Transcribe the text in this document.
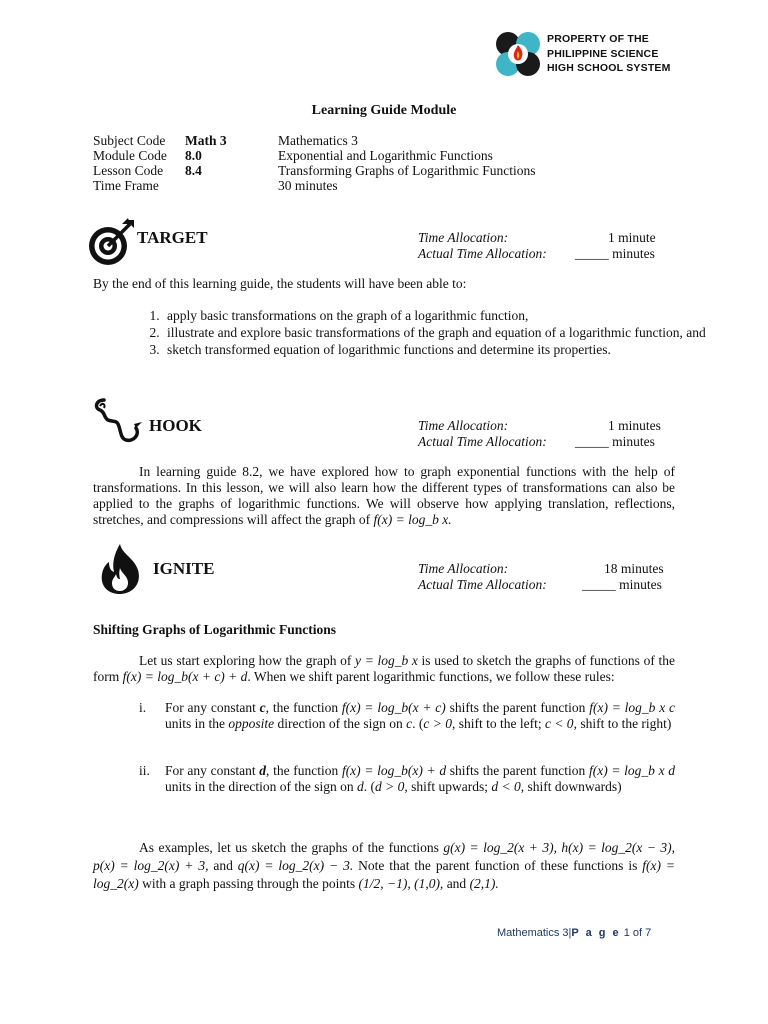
PROPERTY OF THE
PHILIPPINE SCIENCE
HIGH SCHOOL SYSTEM
Learning Guide Module
Subject Code	Math 3	Mathematics 3
Module Code	8.0	Exponential and Logarithmic Functions
Lesson Code	8.4	Transforming Graphs of Logarithmic Functions
Time Frame		30 minutes
TARGET	Time Allocation:	1 minute
Actual Time Allocation: _____ minutes

By the end of this learning guide, the students will have been able to:

1. apply basic transformations on the graph of a logarithmic function,
2. illustrate and explore basic transformations of the graph and equation of a logarithmic function, and
3. sketch transformed equation of logarithmic functions and determine its properties.
HOOK	Time Allocation:	1 minutes
Actual Time Allocation: _____ minutes

In learning guide 8.2, we have explored how to graph exponential functions with the help of transformations. In this lesson, we will also learn how the different types of transformations can also be applied to the graphs of logarithmic functions. We will observe how applying translation, reflections, stretches, and compressions will affect the graph of f(x) = log_b x.

IGNITE	Time Allocation:	18 minutes
Actual Time Allocation:	_____ minutes
Shifting Graphs of Logarithmic Functions

Let us start exploring how the graph of y = log_b x is used to sketch the graphs of functions of the form f(x) = log_b(x + c) + d. When we shift parent logarithmic functions, we follow these rules:

i. For any constant c, the function f(x) = log_b(x + c) shifts the parent function f(x) = log_b x c units in the opposite direction of the sign on c. (c > 0, shift to the left; c < 0, shift to the right)

ii. For any constant d, the function f(x) = log_b(x) + d shifts the parent function f(x) = log_b x d units in the direction of the sign on d. (d > 0, shift upwards; d < 0, shift downwards)

As examples, let us sketch the graphs of the functions g(x) = log_2(x + 3), h(x) = log_2(x − 3), p(x) = log_2(x) + 3, and q(x) = log_2(x) − 3. Note that the parent function of these functions is f(x) = log_2(x) with a graph passing through the points (1/2, −1), (1,0), and (2,1).

Mathematics 3|P a g e 1 of 7
